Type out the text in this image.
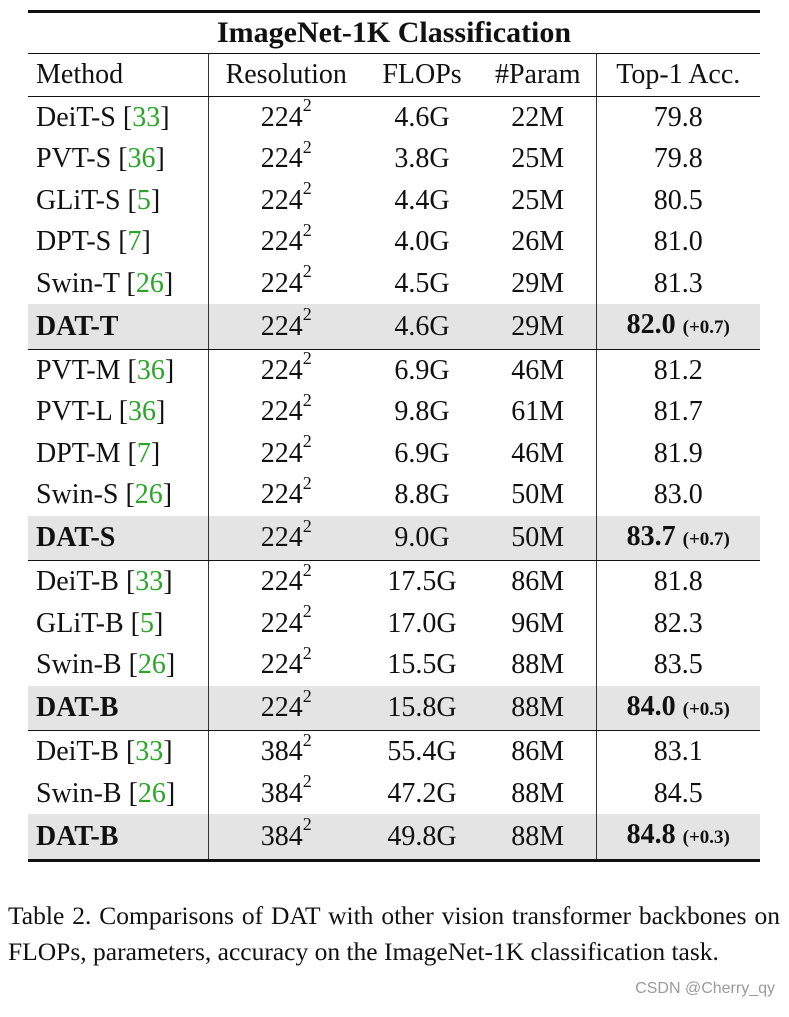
ImageNet-1K Classification				
Method	Resolution	FLOPs	#Param	Top-1 Acc.
DeiT-S [33]	$224^2$	4.6G	22M	79.8
PVT-S [36]	$224^2$	3.8G	25M	79.8
GLiT-S [5]	$224^2$	4.4G	25M	80.5
DPT-S [7]	$224^2$	4.0G	26M	81.0
Swin-T [26]	$224^2$	4.5G	29M	81.3
DAT-T	$224^2$	4.6G	29M	82.0 (+0.7)
PVT-M [36]	$224^2$	6.9G	46M	81.2
PVT-L [36]	$224^2$	9.8G	61M	81.7
DPT-M [7]	$224^2$	6.9G	46M	81.9
Swin-S [26]	$224^2$	8.8G	50M	83.0
DAT-S	$224^2$	9.0G	50M	83.7 (+0.7)
DeiT-B [33]	$224^2$	17.5G	86M	81.8
GLiT-B [5]	$224^2$	17.0G	96M	82.3
Swin-B [26]	$224^2$	15.5G	88M	83.5
DAT-B	$224^2$	15.8G	88M	84.0 (+0.5)
DeiT-B [33]	$384^2$	55.4G	86M	83.1
Swin-B [26]	$384^2$	47.2G	88M	84.5
DAT-B	$384^2$	49.8G	88M	84.8 (+0.3)
Table 2. Comparisons of DAT with other vision transformer backbones on FLOPs, parameters, accuracy on the ImageNet-1K classification task.
CSDN @Cherry_qy
